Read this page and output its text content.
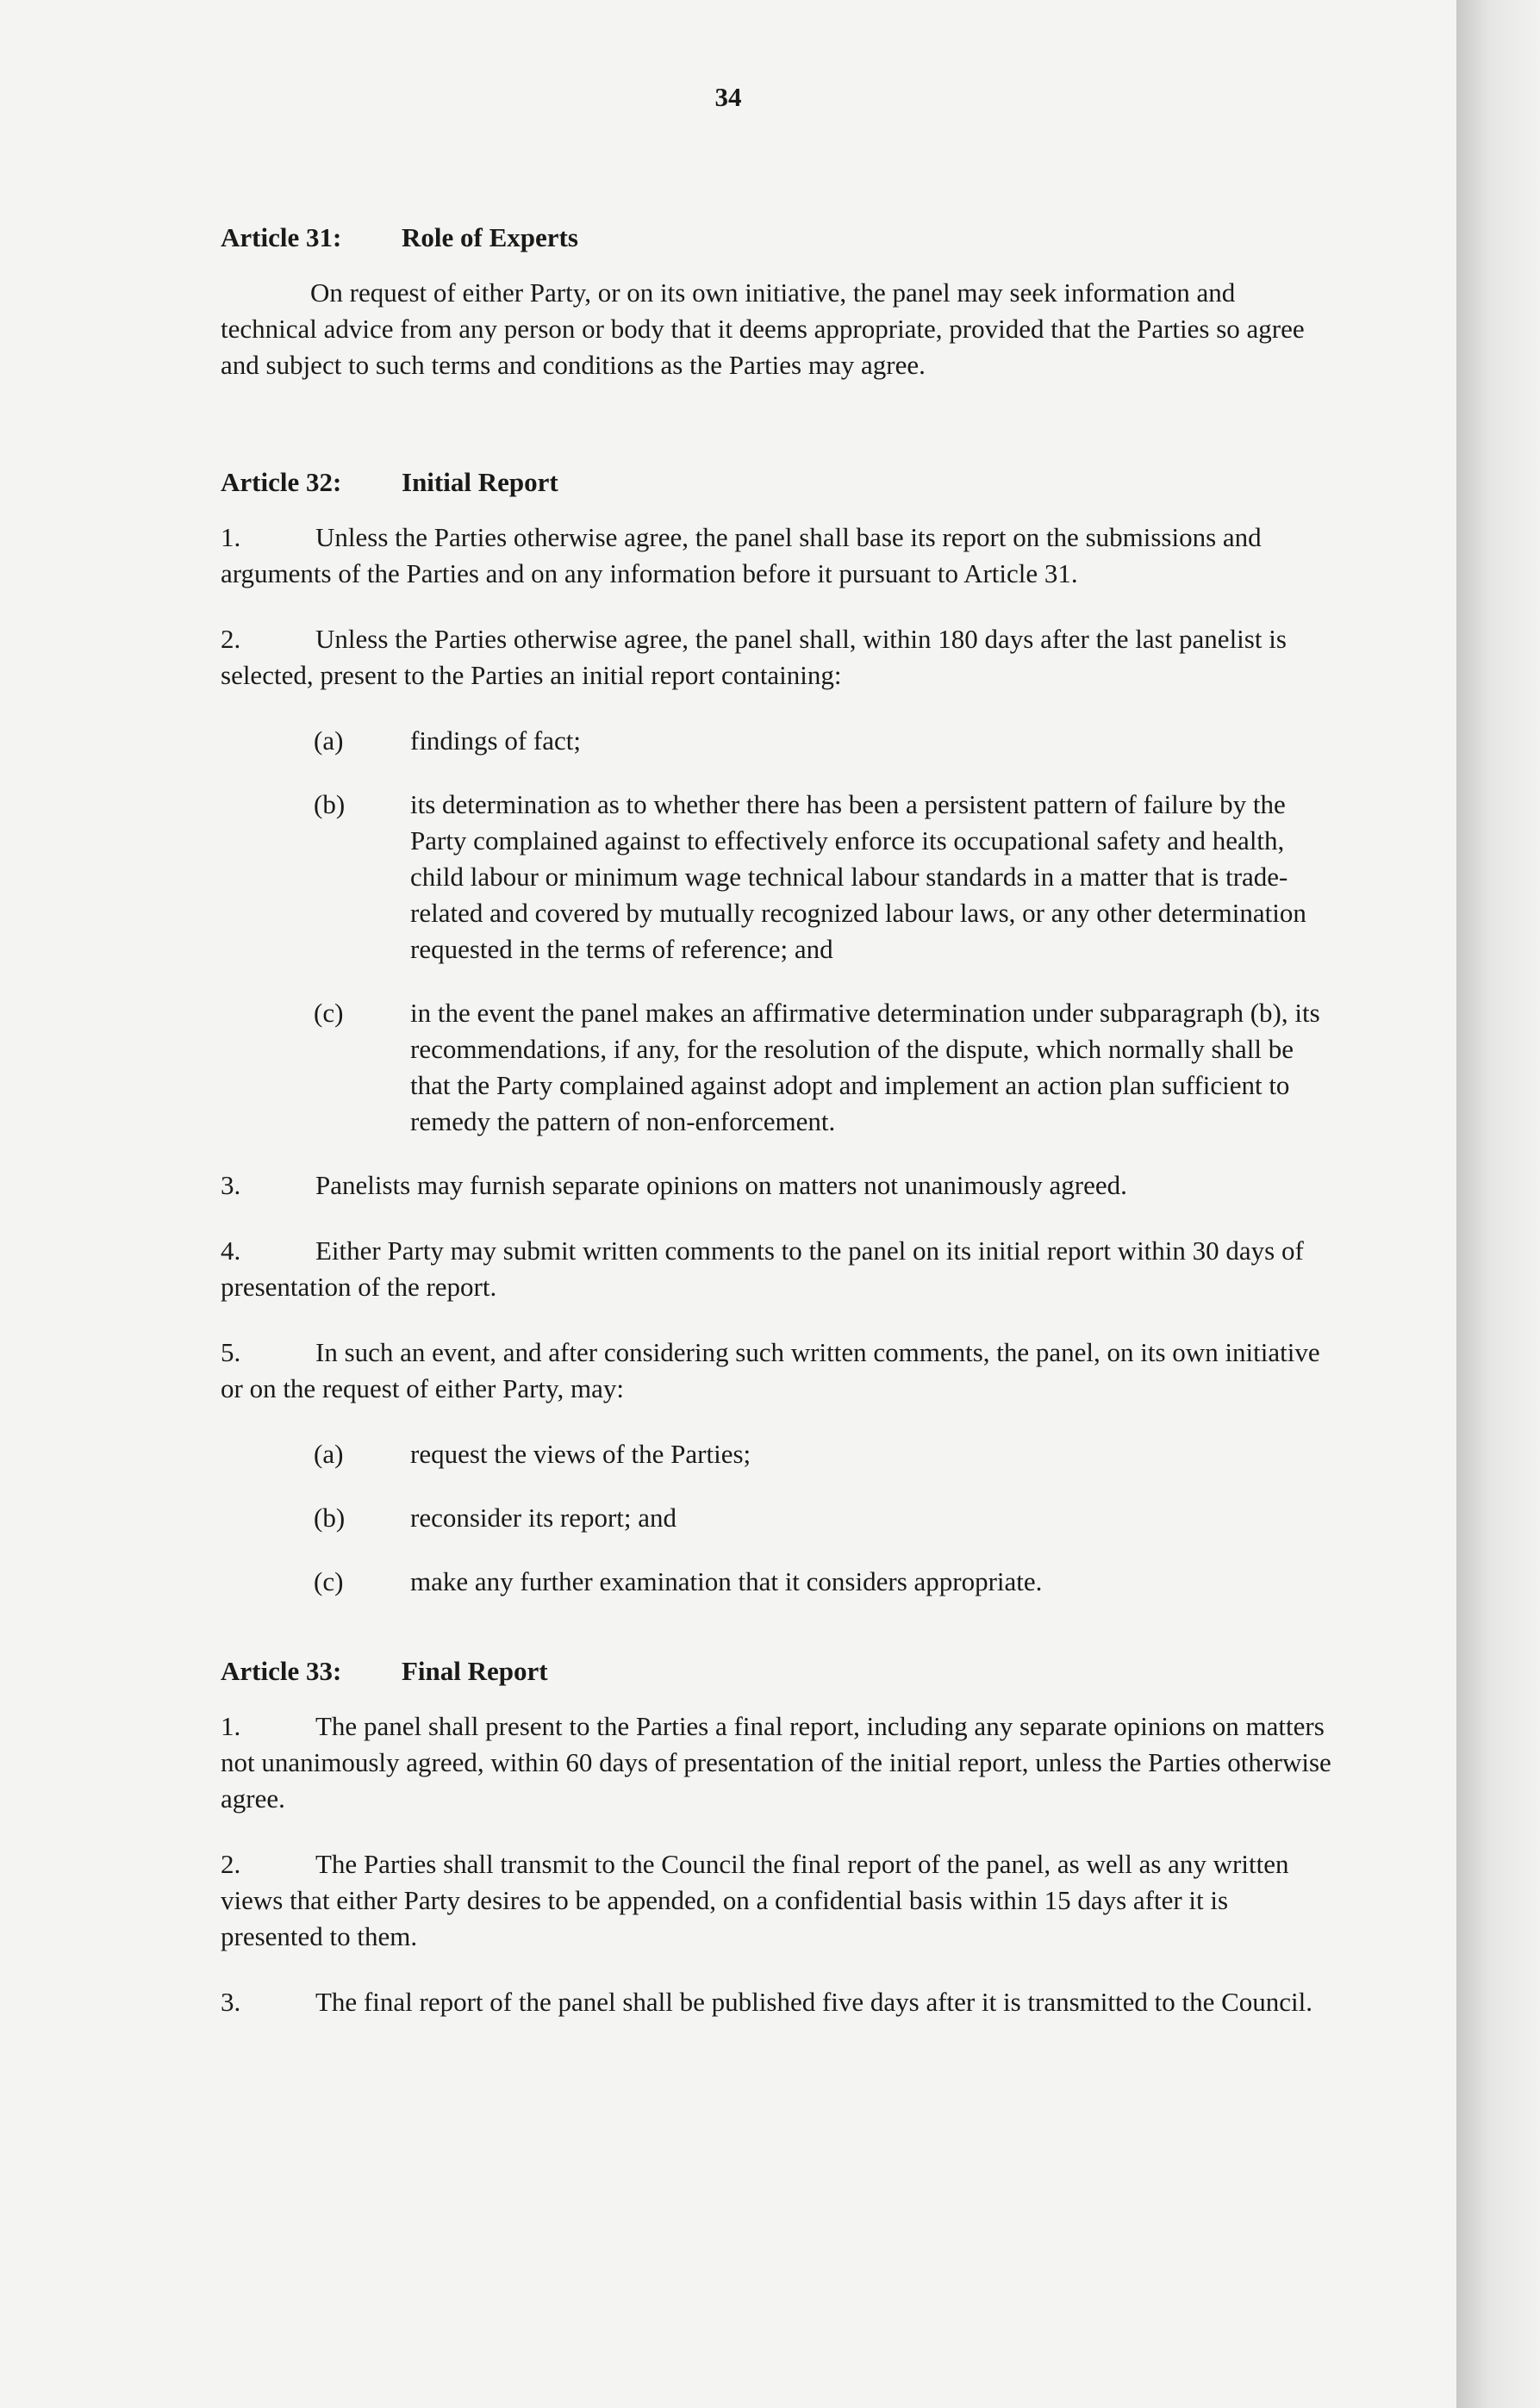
34
Article 31: Role of Experts
On request of either Party, or on its own initiative, the panel may seek information and technical advice from any person or body that it deems appropriate, provided that the Parties so agree and subject to such terms and conditions as the Parties may agree.
Article 32: Initial Report
1.	Unless the Parties otherwise agree, the panel shall base its report on the submissions and arguments of the Parties and on any information before it pursuant to Article 31.
2.	Unless the Parties otherwise agree, the panel shall, within 180 days after the last panelist is selected, present to the Parties an initial report containing:
(a)	findings of fact;
(b)	its determination as to whether there has been a persistent pattern of failure by the Party complained against to effectively enforce its occupational safety and health, child labour or minimum wage technical labour standards in a matter that is trade-related and covered by mutually recognized labour laws, or any other determination requested in the terms of reference; and
(c)	in the event the panel makes an affirmative determination under subparagraph (b), its recommendations, if any, for the resolution of the dispute, which normally shall be that the Party complained against adopt and implement an action plan sufficient to remedy the pattern of non-enforcement.
3.	Panelists may furnish separate opinions on matters not unanimously agreed.
4.	Either Party may submit written comments to the panel on its initial report within 30 days of presentation of the report.
5.	In such an event, and after considering such written comments, the panel, on its own initiative or on the request of either Party, may:
(a)	request the views of the Parties;
(b)	reconsider its report; and
(c)	make any further examination that it considers appropriate.
Article 33: Final Report
1.	The panel shall present to the Parties a final report, including any separate opinions on matters not unanimously agreed, within 60 days of presentation of the initial report, unless the Parties otherwise agree.
2.	The Parties shall transmit to the Council the final report of the panel, as well as any written views that either Party desires to be appended, on a confidential basis within 15 days after it is presented to them.
3.	The final report of the panel shall be published five days after it is transmitted to the Council.
